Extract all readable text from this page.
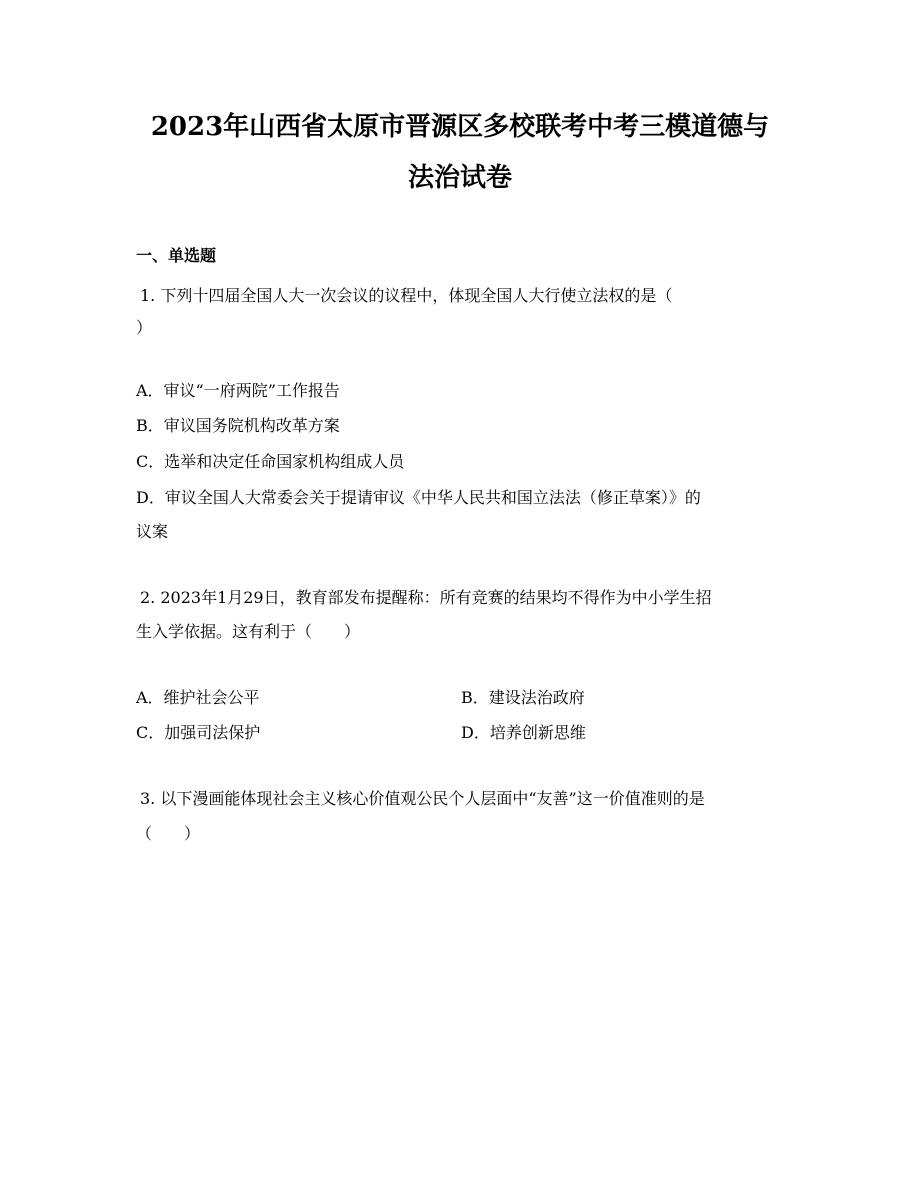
2023年山西省太原市晋源区多校联考中考三模道德与
法治试卷
一、单选题
1. 下列十四届全国人大一次会议的议程中，体现全国人大行使立法权的是（
）
A．审议“一府两院”工作报告
B．审议国务院机构改革方案
C．选举和决定任命国家机构组成人员
D．审议全国人大常委会关于提请审议《中华人民共和国立法法（修正草案）》的
议案
2. 2023年1月29日，教育部发布提醒称：所有竞赛的结果均不得作为中小学生招
生入学依据。这有利于（　　）
A．维护社会公平	B．建设法治政府
C．加强司法保护	D．培养创新思维
3. 以下漫画能体现社会主义核心价值观公民个人层面中“友善”这一价值准则的是
（　　）
